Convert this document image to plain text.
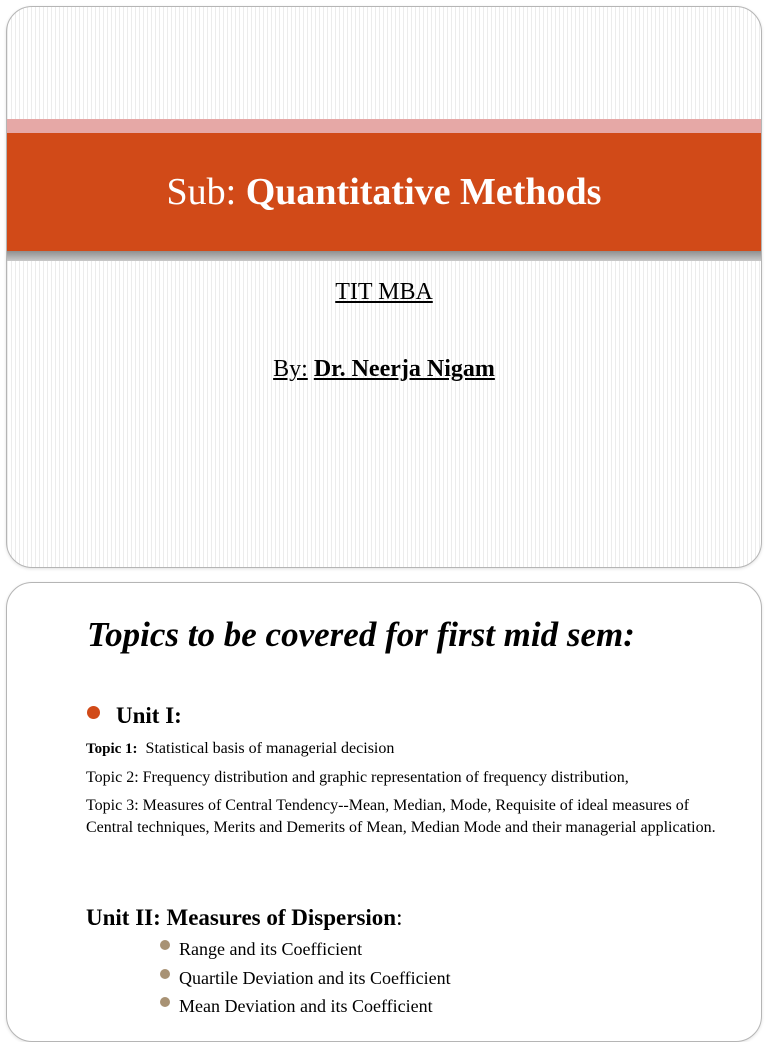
Sub: Quantitative Methods
TIT MBA
By: Dr. Neerja Nigam
Topics to be covered for first mid sem:
Unit I:
Topic 1: Statistical basis of managerial decision
Topic 2: Frequency distribution and graphic representation of frequency distribution,
Topic 3: Measures of Central Tendency--Mean, Median, Mode, Requisite of ideal measures of Central techniques, Merits and Demerits of Mean, Median Mode and their managerial application.
Unit II: Measures of Dispersion:
Range and its Coefficient
Quartile Deviation and its Coefficient
Mean Deviation and its Coefficient
